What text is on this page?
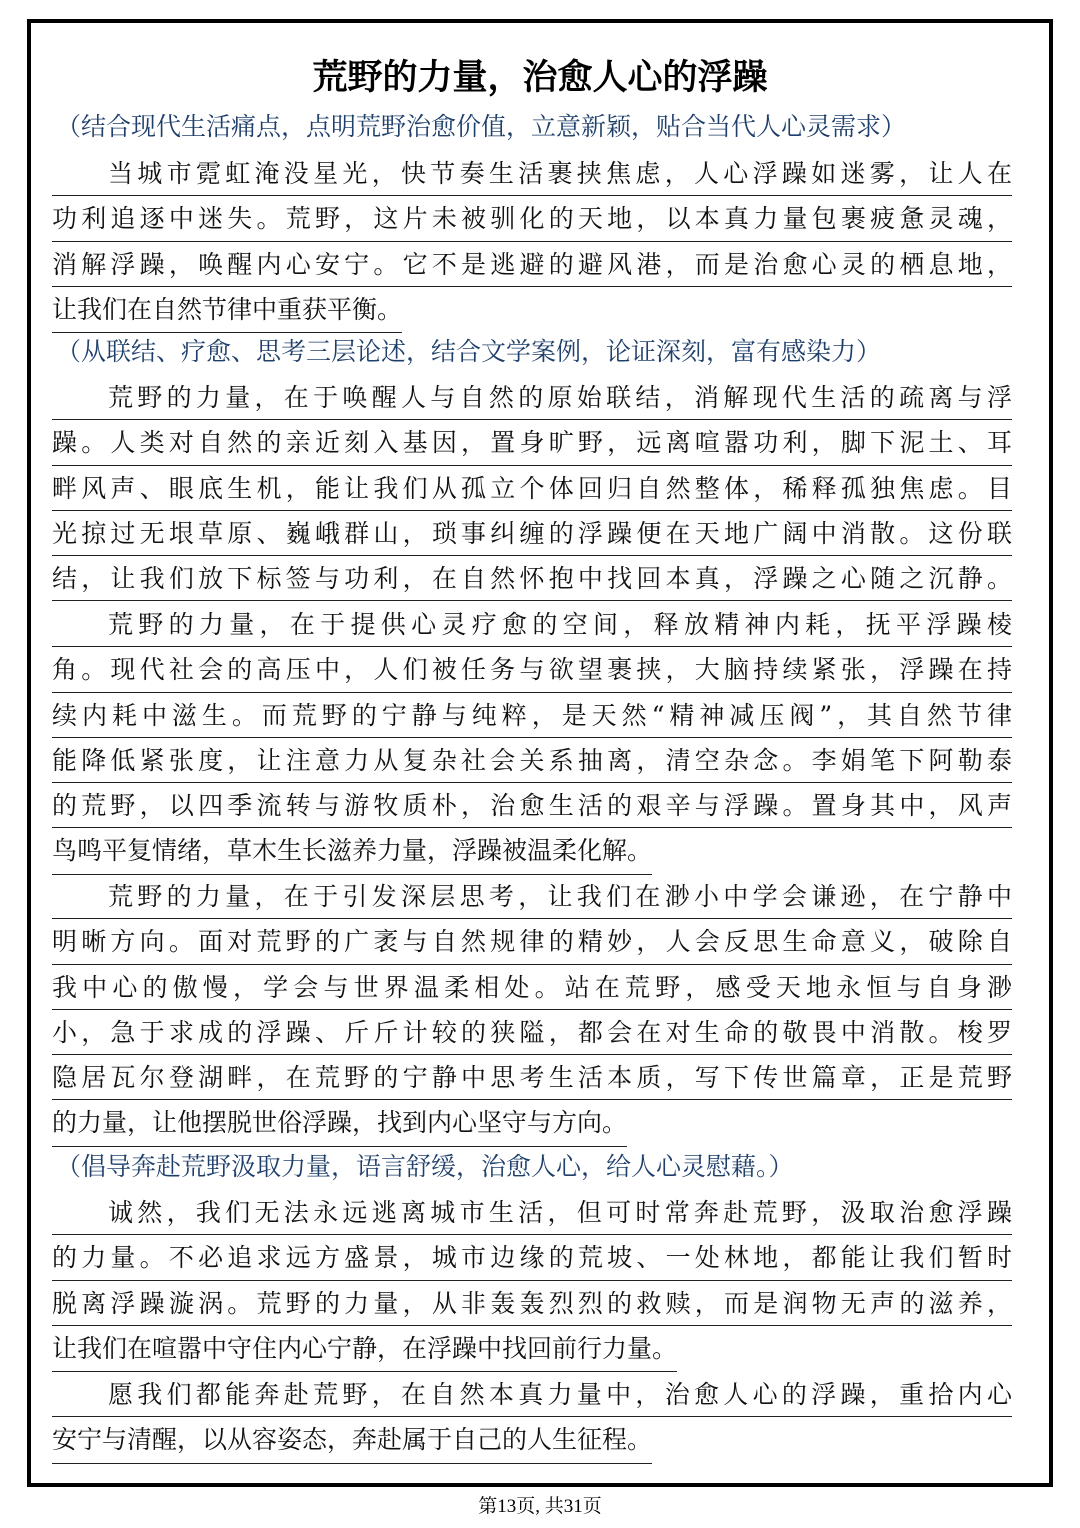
荒野的力量，治愈人心的浮躁
（结合现代生活痛点，点明荒野治愈价值，立意新颖，贴合当代人心灵需求）
当城市霓虹淹没星光，快节奏生活裹挟焦虑，人心浮躁如迷雾，让人在
功利追逐中迷失。荒野，这片未被驯化的天地，以本真力量包裹疲惫灵魂，
消解浮躁，唤醒内心安宁。它不是逃避的避风港，而是治愈心灵的栖息地，
让我们在自然节律中重获平衡。
（从联结、疗愈、思考三层论述，结合文学案例，论证深刻，富有感染力）
荒野的力量，在于唤醒人与自然的原始联结，消解现代生活的疏离与浮
躁。人类对自然的亲近刻入基因，置身旷野，远离喧嚣功利，脚下泥土、耳
畔风声、眼底生机，能让我们从孤立个体回归自然整体，稀释孤独焦虑。目
光掠过无垠草原、巍峨群山，琐事纠缠的浮躁便在天地广阔中消散。这份联
结，让我们放下标签与功利，在自然怀抱中找回本真，浮躁之心随之沉静。
荒野的力量，在于提供心灵疗愈的空间，释放精神内耗，抚平浮躁棱
角。现代社会的高压中，人们被任务与欲望裹挟，大脑持续紧张，浮躁在持
续内耗中滋生。而荒野的宁静与纯粹，是天然“精神减压阀”，其自然节律
能降低紧张度，让注意力从复杂社会关系抽离，清空杂念。李娟笔下阿勒泰
的荒野，以四季流转与游牧质朴，治愈生活的艰辛与浮躁。置身其中，风声
鸟鸣平复情绪，草木生长滋养力量，浮躁被温柔化解。
荒野的力量，在于引发深层思考，让我们在渺小中学会谦逊，在宁静中
明晰方向。面对荒野的广袤与自然规律的精妙，人会反思生命意义，破除自
我中心的傲慢，学会与世界温柔相处。站在荒野，感受天地永恒与自身渺
小，急于求成的浮躁、斤斤计较的狭隘，都会在对生命的敬畏中消散。梭罗
隐居瓦尔登湖畔，在荒野的宁静中思考生活本质，写下传世篇章，正是荒野
的力量，让他摆脱世俗浮躁，找到内心坚守与方向。
（倡导奔赴荒野汲取力量，语言舒缓，治愈人心，给人心灵慰藉。）
诚然，我们无法永远逃离城市生活，但可时常奔赴荒野，汲取治愈浮躁
的力量。不必追求远方盛景，城市边缘的荒坡、一处林地，都能让我们暂时
脱离浮躁漩涡。荒野的力量，从非轰轰烈烈的救赎，而是润物无声的滋养，
让我们在喧嚣中守住内心宁静，在浮躁中找回前行力量。
愿我们都能奔赴荒野，在自然本真力量中，治愈人心的浮躁，重拾内心
安宁与清醒，以从容姿态，奔赴属于自己的人生征程。
第13页, 共31页
